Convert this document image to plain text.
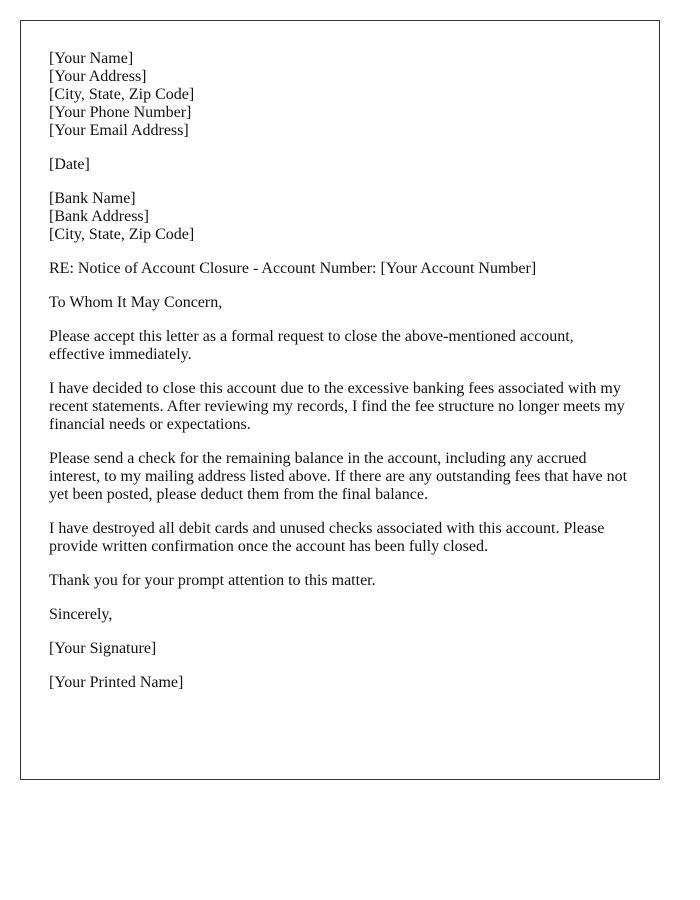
[Your Name]
[Your Address]
[City, State, Zip Code]
[Your Phone Number]
[Your Email Address]
[Date]
[Bank Name]
[Bank Address]
[City, State, Zip Code]

RE: Notice of Account Closure - Account Number: [Your Account Number]

To Whom It May Concern,

Please accept this letter as a formal request to close the above-mentioned account, effective immediately.

I have decided to close this account due to the excessive banking fees associated with my recent statements. After reviewing my records, I find the fee structure no longer meets my financial needs or expectations.

Please send a check for the remaining balance in the account, including any accrued interest, to my mailing address listed above. If there are any outstanding fees that have not yet been posted, please deduct them from the final balance.

I have destroyed all debit cards and unused checks associated with this account. Please provide written confirmation once the account has been fully closed.

Thank you for your prompt attention to this matter.

Sincerely,

[Your Signature]

[Your Printed Name]
